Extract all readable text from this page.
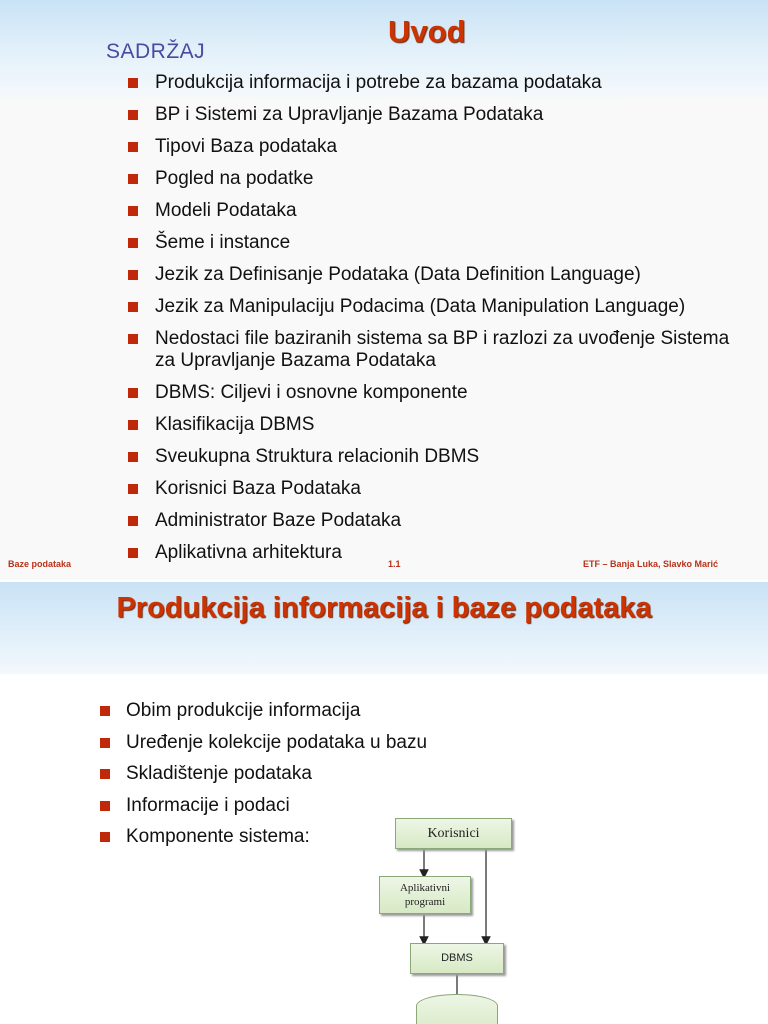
Uvod
SADRŽAJ
Produkcija informacija i potrebe za bazama podataka
BP i Sistemi za Upravljanje Bazama Podataka
Tipovi Baza podataka
Pogled na podatke
Modeli Podataka
Šeme i instance
Jezik za Definisanje Podataka (Data Definition Language)
Jezik za Manipulaciju Podacima (Data Manipulation Language)
Nedostaci file baziranih sistema sa BP i razlozi za uvođenje Sistema za Upravljanje Bazama Podataka
DBMS: Ciljevi i osnovne komponente
Klasifikacija DBMS
Sveukupna Struktura relacionih DBMS
Korisnici Baza Podataka
Administrator Baze Podataka
Aplikativna arhitektura
Baze podataka	1.1	ETF – Banja Luka, Slavko Marić
Produkcija informacija i baze podataka
Obim produkcije informacija
Uređenje kolekcije podataka u bazu
Skladištenje podataka
Informacije i podaci
Komponente sistema:	Korisnici
Aplikativni
programi
DBMS
